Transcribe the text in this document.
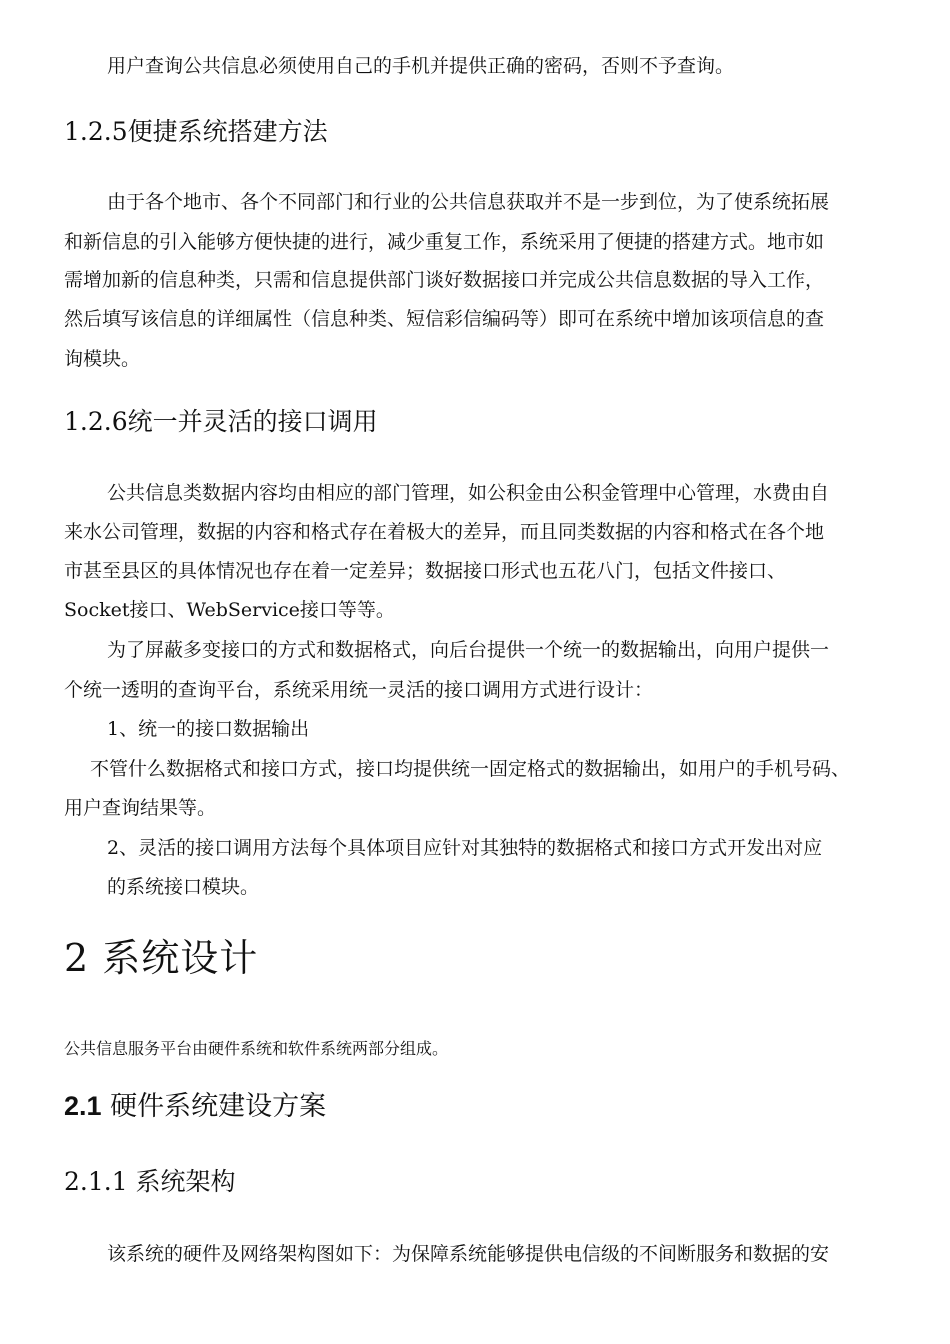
用户查询公共信息必须使用自己的手机并提供正确的密码，否则不予查询。

1.2.5便捷系统搭建方法

由于各个地市、各个不同部门和行业的公共信息获取并不是一步到位，为了使系统拓展

和新信息的引入能够方便快捷的进行，减少重复工作，系统采用了便捷的搭建方式。地市如

需增加新的信息种类，只需和信息提供部门谈好数据接口并完成公共信息数据的导入工作，

然后填写该信息的详细属性（信息种类、短信彩信编码等）即可在系统中增加该项信息的查

询模块。

1.2.6统一并灵活的接口调用

公共信息类数据内容均由相应的部门管理，如公积金由公积金管理中心管理，水费由自

来水公司管理，数据的内容和格式存在着极大的差异，而且同类数据的内容和格式在各个地

市甚至县区的具体情况也存在着一定差异；数据接口形式也五花八门，包括文件接口、

Socket接口、WebService接口等等。

为了屏蔽多变接口的方式和数据格式，向后台提供一个统一的数据输出，向用户提供一

个统一透明的查询平台，系统采用统一灵活的接口调用方式进行设计：

1、统一的接口数据输出

不管什么数据格式和接口方式，接口均提供统一固定格式的数据输出，如用户的手机号码、

用户查询结果等。

2、灵活的接口调用方法每个具体项目应针对其独特的数据格式和接口方式开发出对应

的系统接口模块。

2 系统设计

公共信息服务平台由硬件系统和软件系统两部分组成。

2.1 硬件系统建设方案
2.1.1 系统架构

该系统的硬件及网络架构图如下：为保障系统能够提供电信级的不间断服务和数据的安
